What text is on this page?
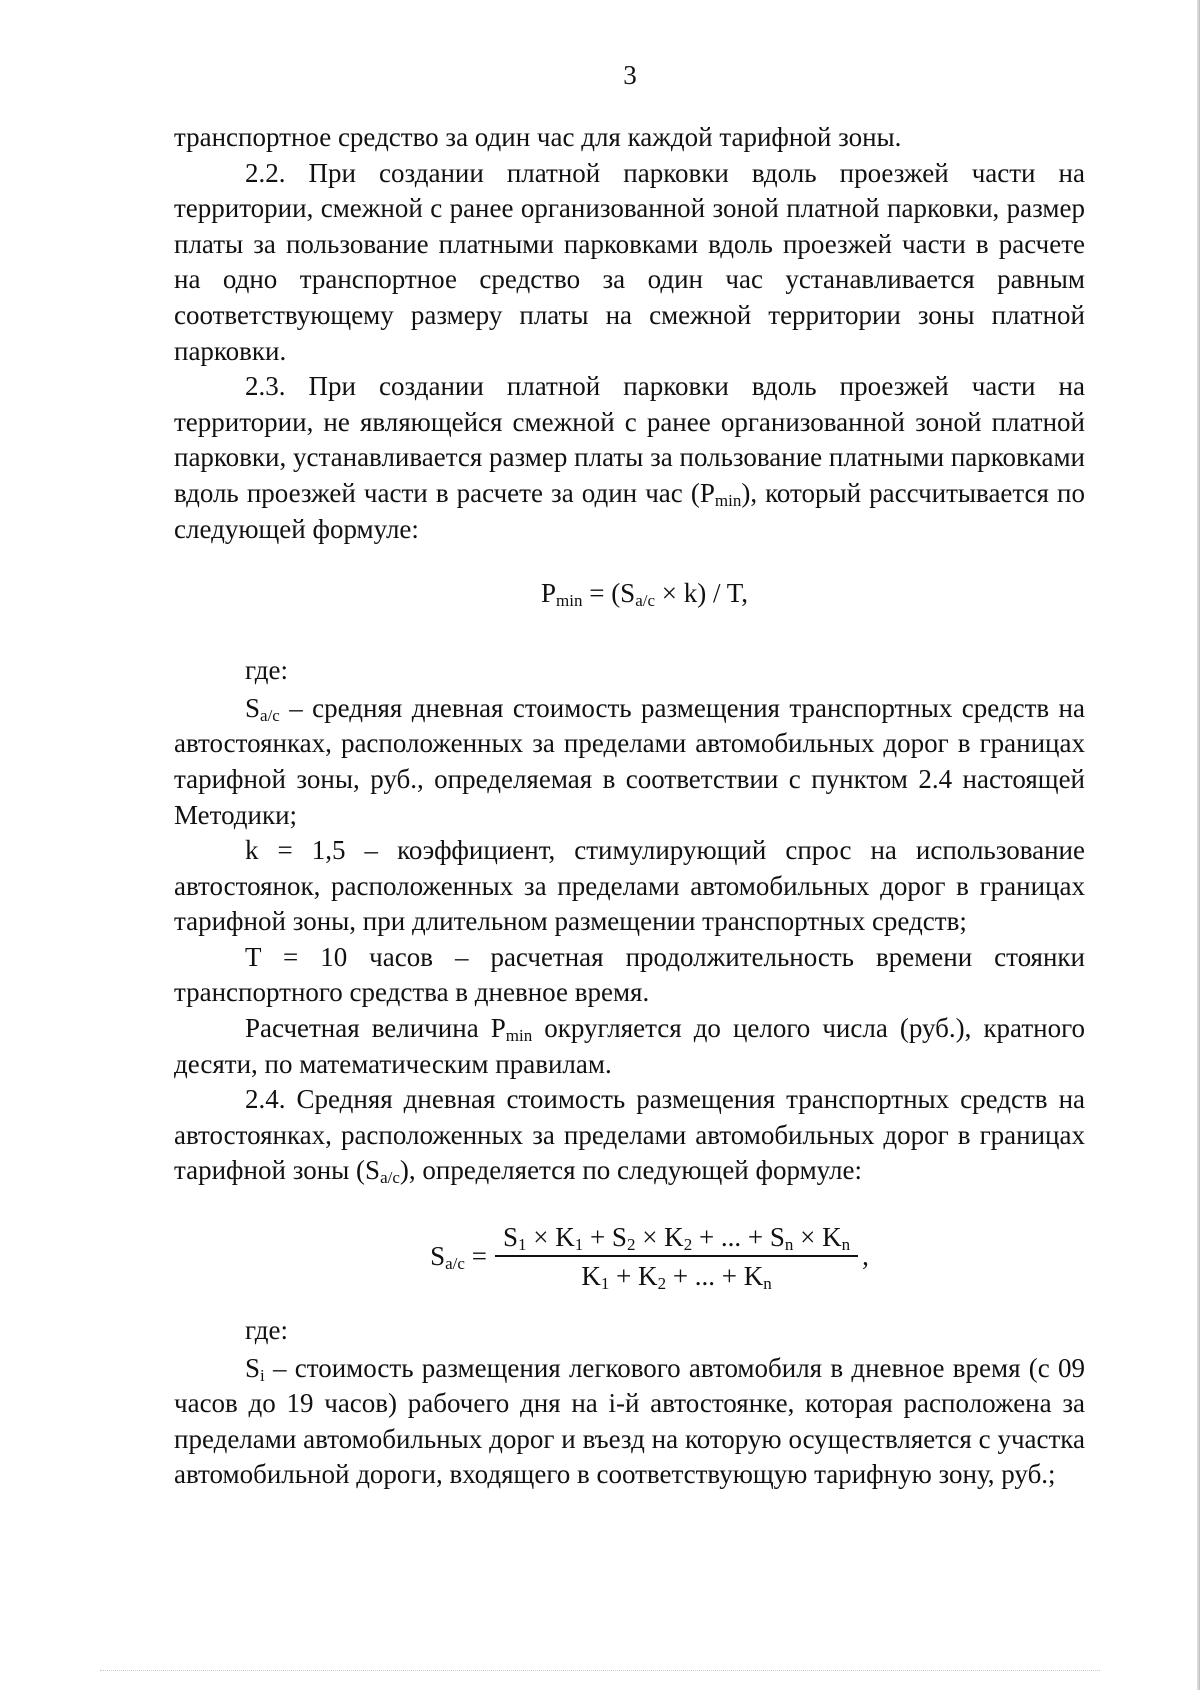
3

транспортное средство за один час для каждой тарифной зоны.

2.2. При создании платной парковки вдоль проезжей части на территории, смежной с ранее организованной зоной платной парковки, размер платы за пользование платными парковками вдоль проезжей части в расчете на одно транспортное средство за один час устанавливается равным соответствующему размеру платы на смежной территории зоны платной парковки.

2.3. При создании платной парковки вдоль проезжей части на территории, не являющейся смежной с ранее организованной зоной платной парковки, устанавливается размер платы за пользование платными парковками вдоль проезжей части в расчете за один час $(P_{min})$, который рассчитывается по следующей формуле:

$P_{min} = (S_{а/с} \times k) / T$,

где:

$S_{а/с}$ – средняя дневная стоимость размещения транспортных средств на автостоянках, расположенных за пределами автомобильных дорог в границах тарифной зоны, руб., определяемая в соответствии с пунктом 2.4 настоящей Методики;

k = 1,5 – коэффициент, стимулирующий спрос на использование автостоянок, расположенных за пределами автомобильных дорог в границах тарифной зоны, при длительном размещении транспортных средств;

T = 10 часов – расчетная продолжительность времени стоянки транспортного средства в дневное время.

Расчетная величина $P_{min}$ округляется до целого числа (руб.), кратного десяти, по математическим правилам.

2.4. Средняя дневная стоимость размещения транспортных средств на автостоянках, расположенных за пределами автомобильных дорог в границах тарифной зоны $(S_{а/с})$, определяется по следующей формуле:

$S_{а/с} = \frac{S_1 \times K_1 + S_2 \times K_2 + ... + S_n \times K_n}{K_1 + K_2 + ... + K_n}$ ,

где:

$S_i$ – стоимость размещения легкового автомобиля в дневное время (с 09 часов до 19 часов) рабочего дня на i-й автостоянке, которая расположена за пределами автомобильных дорог и въезд на которую осуществляется с участка автомобильной дороги, входящего в соответствующую тарифную зону, руб.;
